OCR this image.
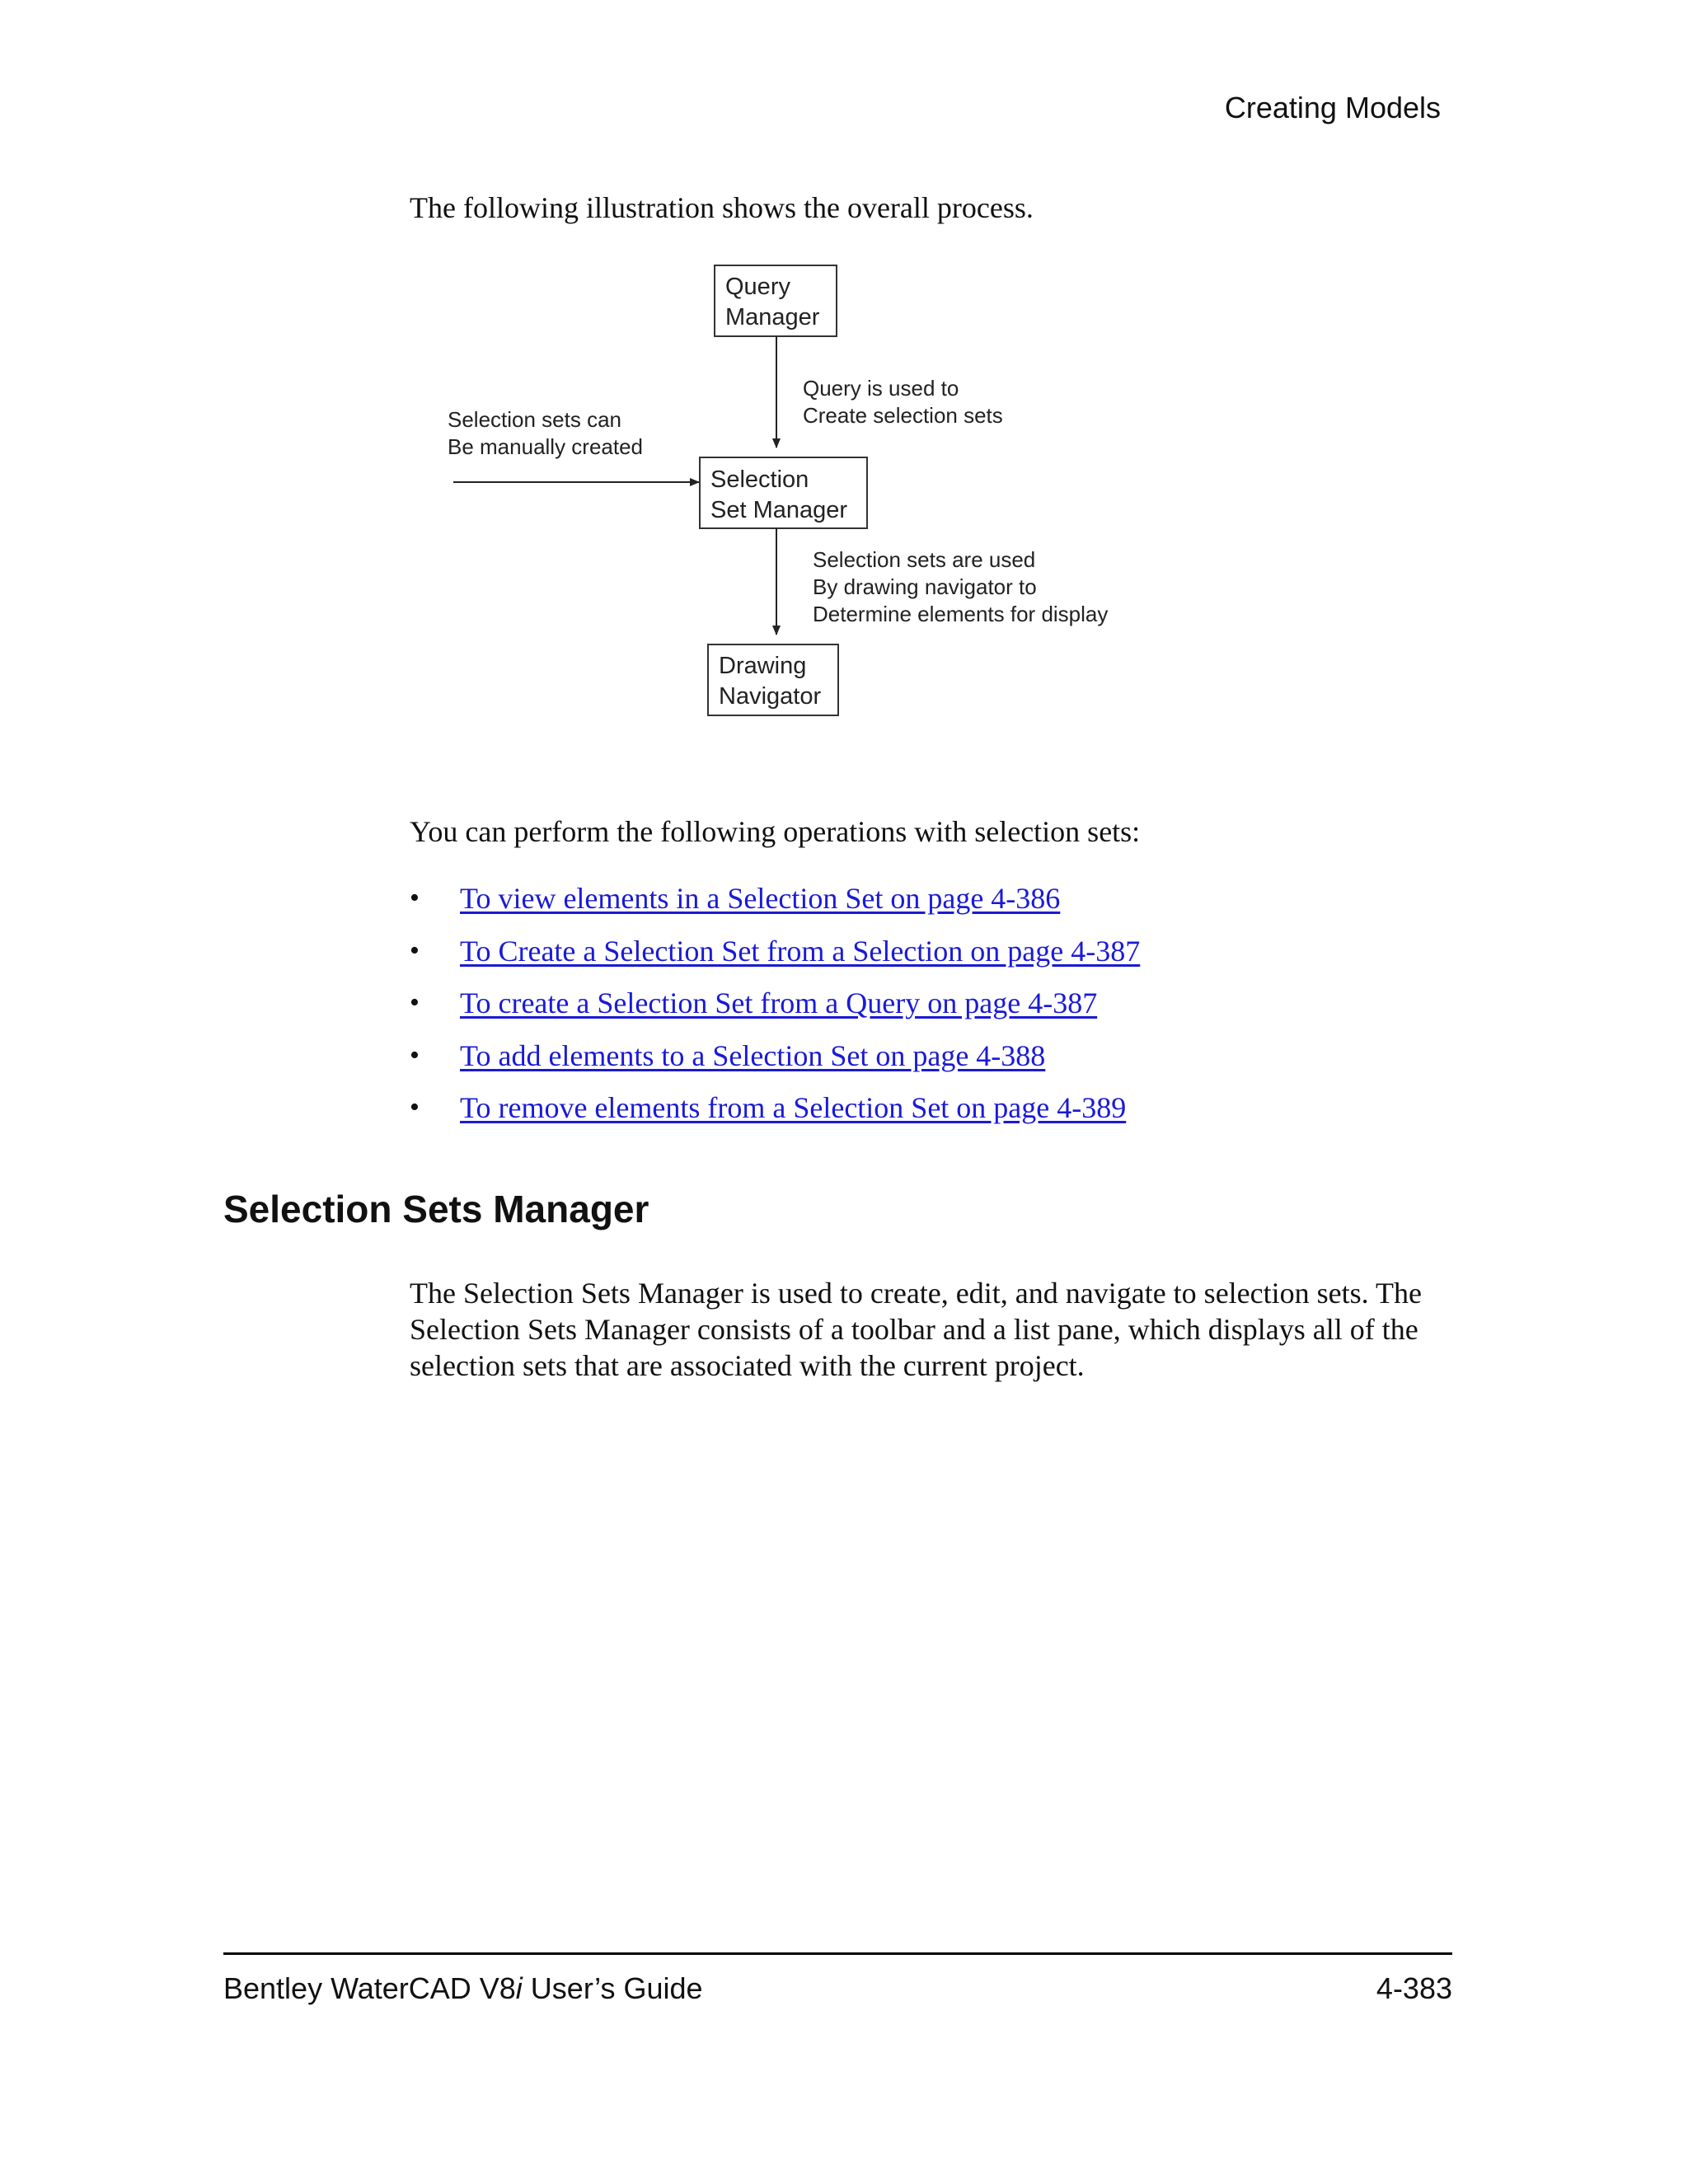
Creating Models

The following illustration shows the overall process.

Query Manager
Query is used to Create selection sets
Selection sets can Be manually created
Selection Set Manager
Selection sets are used By drawing navigator to Determine elements for display
Drawing Navigator

You can perform the following operations with selection sets:

• To view elements in a Selection Set on page 4-386
• To Create a Selection Set from a Selection on page 4-387
• To create a Selection Set from a Query on page 4-387
• To add elements to a Selection Set on page 4-388
• To remove elements from a Selection Set on page 4-389
Selection Sets Manager

The Selection Sets Manager is used to create, edit, and navigate to selection sets. The Selection Sets Manager consists of a toolbar and a list pane, which displays all of the selection sets that are associated with the current project.

Bentley WaterCAD V8i User’s Guide	4-383
